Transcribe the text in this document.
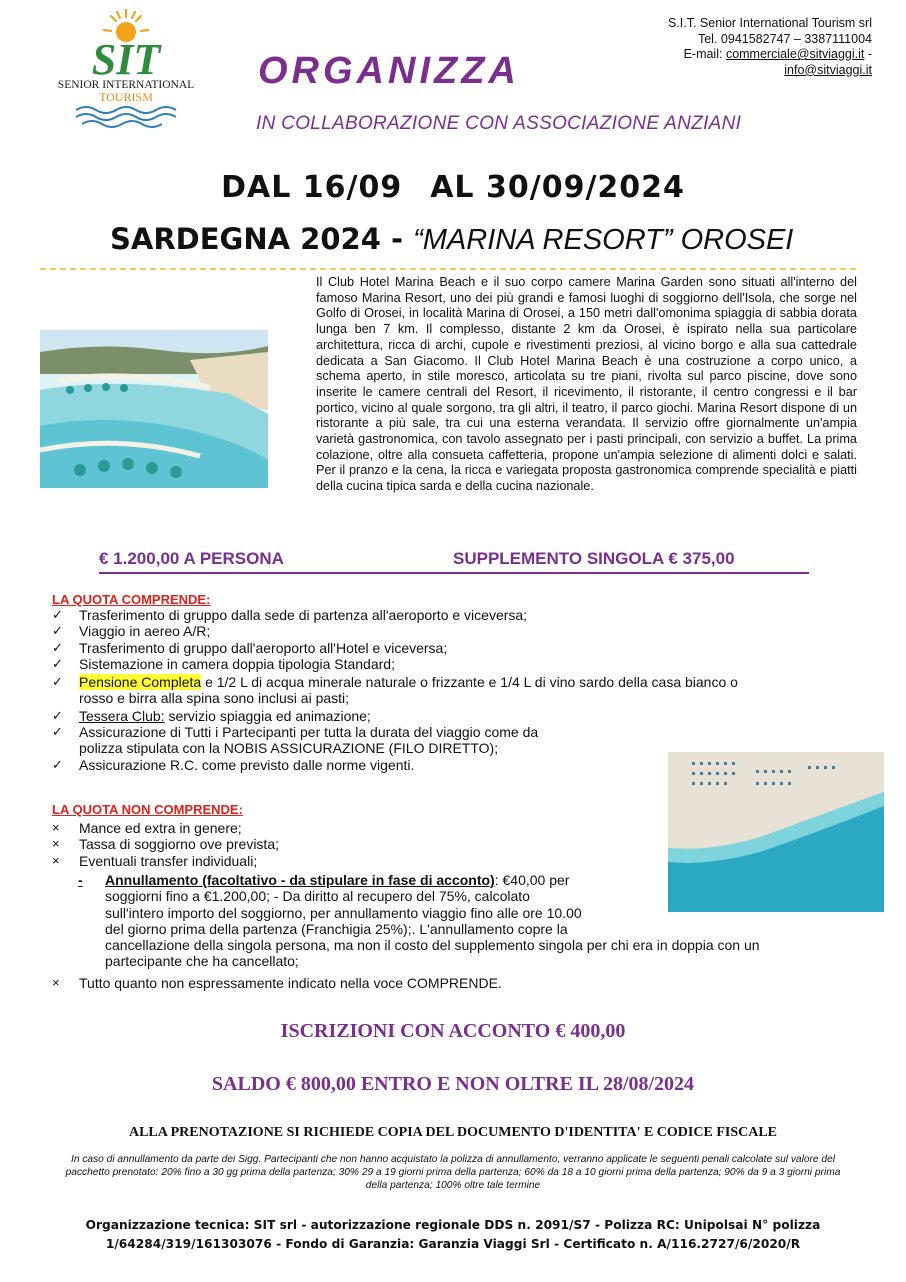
SIT
SENIOR INTERNATIONAL
TOURISM
S.I.T. Senior International Tourism srl
Tel. 0941582747 – 3387111004
E-mail: commerciale@sitviaggi.it -
info@sitviaggi.it
ORGANIZZA
IN COLLABORAZIONE CON ASSOCIAZIONE ANZIANI
DAL 16/09 AL 30/09/2024
SARDEGNA 2024 - “MARINA RESORT” OROSEI
Il Club Hotel Marina Beach e il suo corpo camere Marina Garden sono situati all'interno del famoso Marina Resort, uno dei più grandi e famosi luoghi di soggiorno dell'Isola, che sorge nel Golfo di Orosei, in località Marina di Orosei, a 150 metri dall'omonima spiaggia di sabbia dorata lunga ben 7 km. Il complesso, distante 2 km da Orosei, è ispirato nella sua particolare architettura, ricca di archi, cupole e rivestimenti preziosi, al vicino borgo e alla sua cattedrale dedicata a San Giacomo. Il Club Hotel Marina Beach è una costruzione a corpo unico, a schema aperto, in stile moresco, articolata su tre piani, rivolta sul parco piscine, dove sono inserite le camere centrali del Resort, il ricevimento, il ristorante, il centro congressi e il bar portico, vicino al quale sorgono, tra gli altri, il teatro, il parco giochi. Marina Resort dispone di un ristorante a più sale, tra cui una esterna verandata. Il servizio offre giornalmente un'ampia varietà gastronomica, con tavolo assegnato per i pasti principali, con servizio a buffet. La prima colazione, oltre alla consueta caffetteria, propone un'ampia selezione di alimenti dolci e salati. Per il pranzo e la cena, la ricca e variegata proposta gastronomica comprende specialità e piatti della cucina tipica sarda e della cucina nazionale.
€ 1.200,00 A PERSONA	SUPPLEMENTO SINGOLA € 375,00
LA QUOTA COMPRENDE:
✓	Trasferimento di gruppo dalla sede di partenza all'aeroporto e viceversa;
✓	Viaggio in aereo A/R;
✓	Trasferimento di gruppo dall'aeroporto all'Hotel e viceversa;
✓	Sistemazione in camera doppia tipologia Standard;
✓	Pensione Completa e 1/2 L di acqua minerale naturale o frizzante e 1/4 L di vino sardo della casa bianco o
rosso e birra alla spina sono inclusi ai pasti;
✓	Tessera Club: servizio spiaggia ed animazione;
✓	Assicurazione di Tutti i Partecipanti per tutta la durata del viaggio come da
polizza stipulata con la NOBIS ASSICURAZIONE (FILO DIRETTO);
✓	Assicurazione R.C. come previsto dalle norme vigenti.
LA QUOTA NON COMPRENDE:
×	Mance ed extra in genere;
×	Tassa di soggiorno ove prevista;
×	Eventuali transfer individuali;
-	Annullamento (facoltativo - da stipulare in fase di acconto): €40,00 per
soggiorni fino a €1.200,00; - Da diritto al recupero del 75%, calcolato
sull'intero importo del soggiorno, per annullamento viaggio fino alle ore 10.00
del giorno prima della partenza (Franchigia 25%);. L'annullamento copre la
cancellazione della singola persona, ma non il costo del supplemento singola per chi era in doppia con un
partecipante che ha cancellato;
×	Tutto quanto non espressamente indicato nella voce COMPRENDE.
ISCRIZIONI CON ACCONTO € 400,00
SALDO € 800,00 ENTRO E NON OLTRE IL 28/08/2024
ALLA PRENOTAZIONE SI RICHIEDE COPIA DEL DOCUMENTO D'IDENTITA' E CODICE FISCALE
In caso di annullamento da parte dei Sigg. Partecipanti che non hanno acquistato la polizza di annullamento, verranno applicate le seguenti penali calcolate sul valore del pacchetto prenotato: 20% fino a 30 gg prima della partenza; 30% 29 a 19 giorni prima della partenza; 60% da 18 a 10 giorni prima della partenza; 90% da 9 a 3 giorni prima della partenza; 100% oltre tale termine
Organizzazione tecnica: SIT srl - autorizzazione regionale DDS n. 2091/S7 - Polizza RC: Unipolsai N° polizza 1/64284/319/161303076 - Fondo di Garanzia: Garanzia Viaggi Srl - Certificato n. A/116.2727/6/2020/R
